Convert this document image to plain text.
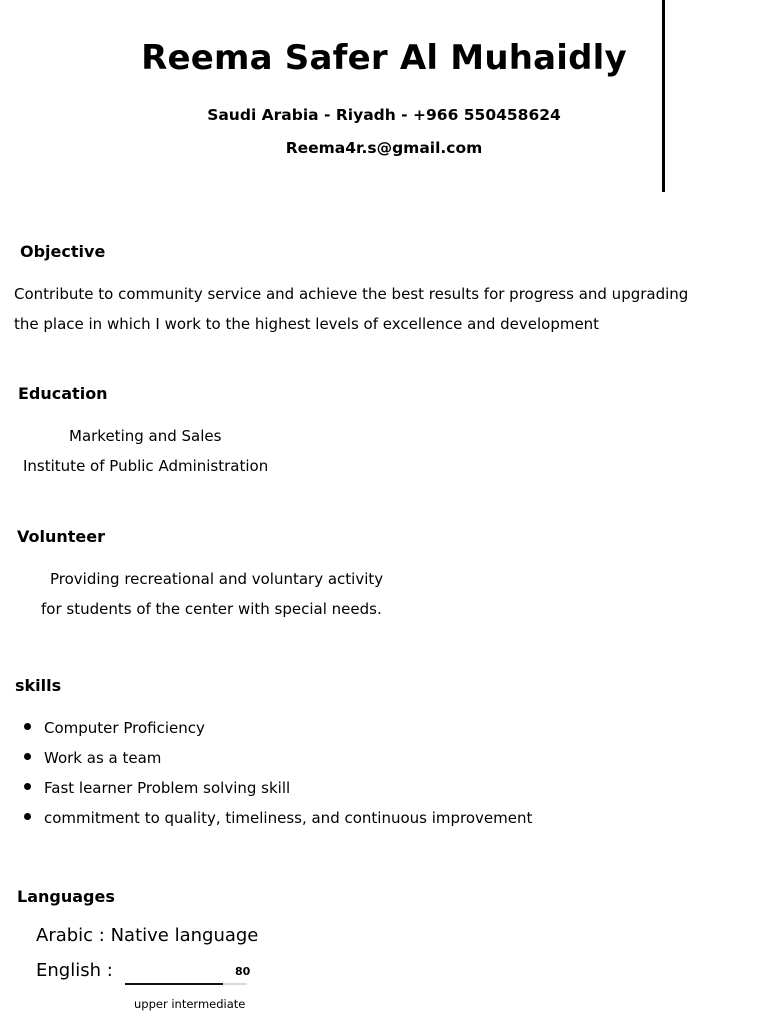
Reema Safer Al Muhaidly
Saudi Arabia - Riyadh - +966 550458624
Reema4r.s@gmail.com
Objective
Contribute to community service and achieve the best results for progress and upgrading
the place in which I work to the highest levels of excellence and development
Education
Marketing and Sales
Institute of Public Administration
Volunteer
Providing recreational and voluntary activity
for students of the center with special needs.
skills
Computer Proficiency
Work as a team
Fast learner Problem solving skill
commitment to quality, timeliness, and continuous improvement
Languages
Arabic : Native language
English :	80
upper intermediate
